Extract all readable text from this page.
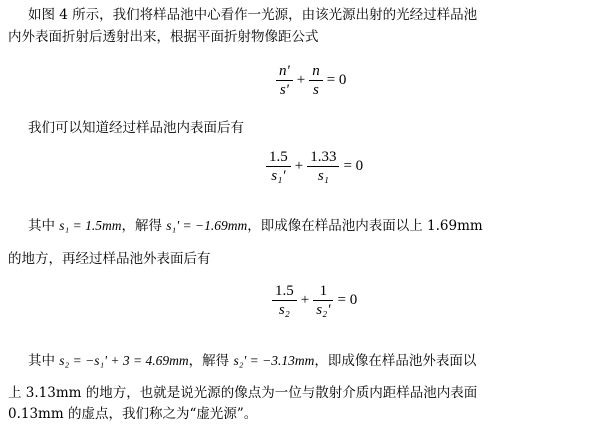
如图 4 所示，我们将样品池中心看作一光源，由该光源出射的光经过样品池
内外表面折射后透射出来，根据平面折射物像距公式
$\frac{n'}{s'} + \frac{n}{s} = 0$
我们可以知道经过样品池内表面后有
$\frac{1.5}{\text{s₁'}} + \frac{1.33}{\text{s₁}} = 0$
其中 s₁ = 1.5mm，解得 s₁' = −1.69mm，即成像在样品池内表面以上 1.69mm
的地方，再经过样品池外表面后有
$\frac{1.5}{\text{s₂}} + \frac{1}{\text{s₂'}} = 0$
其中 s₂ = −s₁' + 3 = 4.69mm，解得 s₂' = −3.13mm，即成像在样品池外表面以
上 3.13mm 的地方，也就是说光源的像点为一位与散射介质内距样品池内表面
0.13mm 的虚点，我们称之为“虚光源”。
